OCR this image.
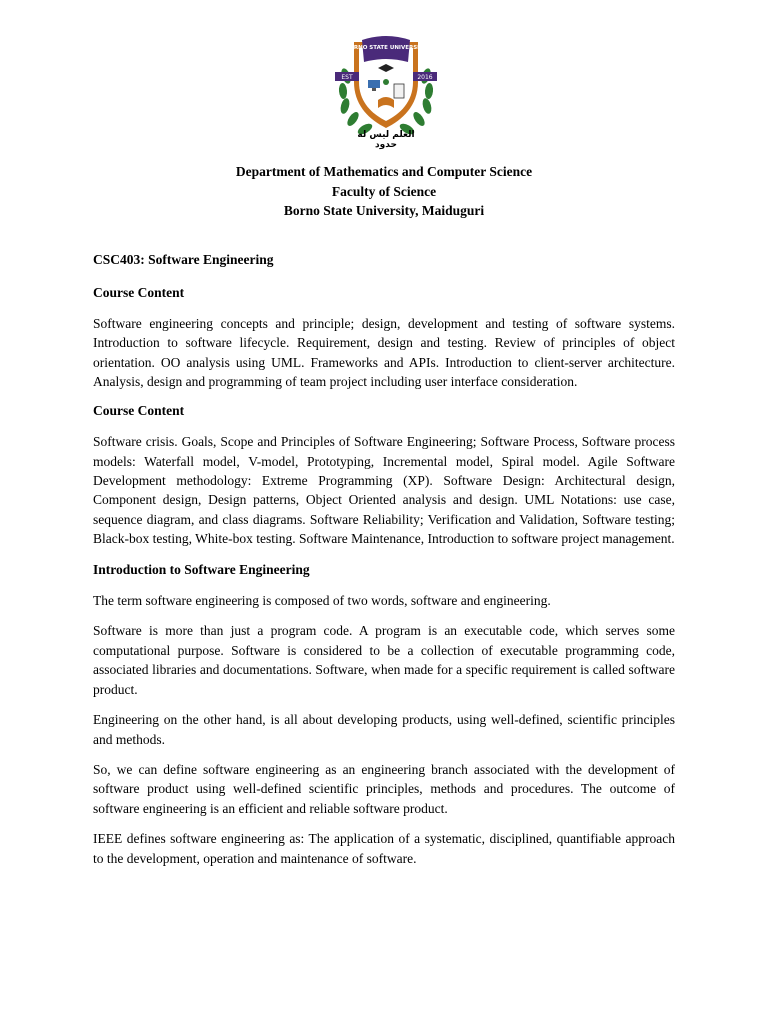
EST	2016
BORNO STATE UNIVERSITY
العلم ليس له حدود
Department of Mathematics and Computer Science
Faculty of Science
Borno State University, Maiduguri

CSC403: Software Engineering

Course Content

Software engineering concepts and principle; design, development and testing of software systems. Introduction to software lifecycle. Requirement, design and testing. Review of principles of object orientation. OO analysis using UML. Frameworks and APIs. Introduction to client-server architecture. Analysis, design and programming of team project including user interface consideration.

Course Content

Software crisis. Goals, Scope and Principles of Software Engineering; Software Process, Software process models: Waterfall model, V-model, Prototyping, Incremental model, Spiral model. Agile Software Development methodology: Extreme Programming (XP). Software Design: Architectural design, Component design, Design patterns, Object Oriented analysis and design. UML Notations: use case, sequence diagram, and class diagrams. Software Reliability; Verification and Validation, Software testing; Black-box testing, White-box testing. Software Maintenance, Introduction to software project management.

Introduction to Software Engineering

The term software engineering is composed of two words, software and engineering.

Software is more than just a program code. A program is an executable code, which serves some computational purpose. Software is considered to be a collection of executable programming code, associated libraries and documentations. Software, when made for a specific requirement is called software product.

Engineering on the other hand, is all about developing products, using well-defined, scientific principles and methods.

So, we can define software engineering as an engineering branch associated with the development of software product using well-defined scientific principles, methods and procedures. The outcome of software engineering is an efficient and reliable software product.

IEEE defines software engineering as: The application of a systematic, disciplined, quantifiable approach to the development, operation and maintenance of software.
